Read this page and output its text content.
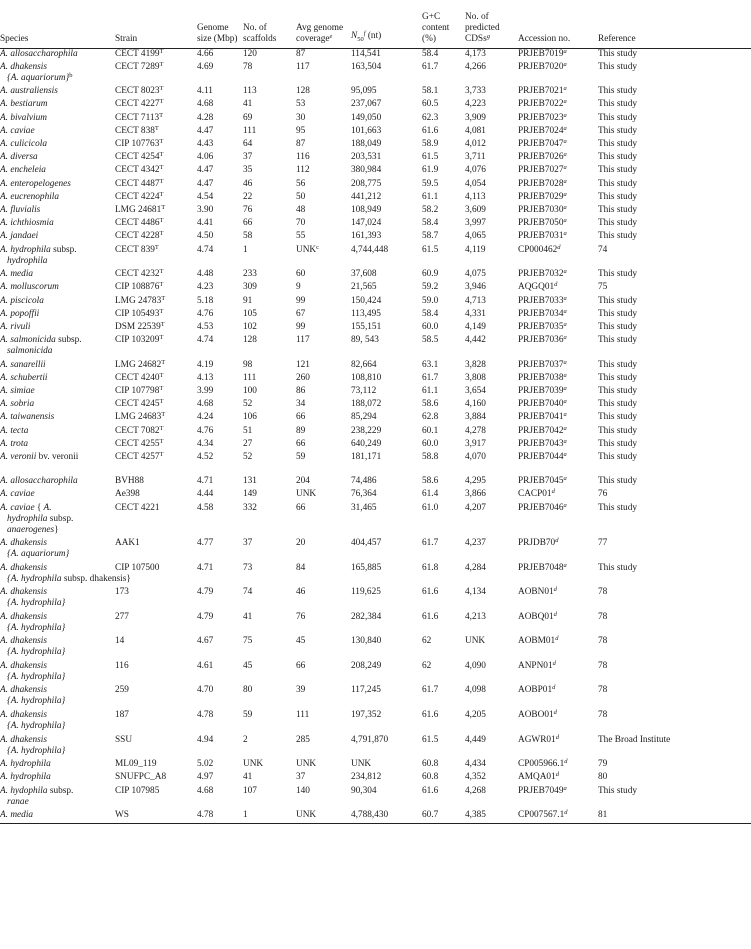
Species	Strain	Genome size (Mbp)	No. of scaffolds	Avg genome coverage$^e$	$N_{50}^f$ (nt)	G+C content (%)	No. of predicted CDSs$^g$	Accession no.	Reference
A. allosaccharophila	CECT $4199^T$	4.66	120	87	114,541	58.4	4,173	PRJEB7019$^a$	This study
A. dhakensis
{A. aquariorum}$^b$	CECT $7289^T$	4.69	78	117	163,504	61.7	4,266	PRJEB7020$^a$	This study
A. australiensis	CECT $8023^T$	4.11	113	128	95,095	58.1	3,733	PRJEB7021$^a$	This study
A. bestiarum	CECT $4227^T$	4.68	41	53	237,067	60.5	4,223	PRJEB7022$^a$	This study
A. bivalvium	CECT $7113^T$	4.28	69	30	149,050	62.3	3,909	PRJEB7023$^a$	This study
A. caviae	CECT $838^T$	4.47	111	95	101,663	61.6	4,081	PRJEB7024$^a$	This study
A. culicicola	CIP $107763^T$	4.43	64	87	188,049	58.9	4,012	PRJEB7047$^a$	This study
A. diversa	CECT $4254^T$	4.06	37	116	203,531	61.5	3,711	PRJEB7026$^a$	This study
A. encheleia	CECT $4342^T$	4.47	35	112	380,984	61.9	4,076	PRJEB7027$^a$	This study
A. enteropelogenes	CECT $4487^T$	4.47	46	56	208,775	59.5	4,054	PRJEB7028$^a$	This study
A. eucrenophila	CECT $4224^T$	4.54	22	50	441,212	61.1	4,113	PRJEB7029$^a$	This study
A. fluvialis	LMG $24681^T$	3.90	76	48	108,949	58.2	3,609	PRJEB7030$^a$	This study
A. ichthiosmia	CECT $4486^T$	4.41	66	70	147,024	58.4	3,997	PRJEB7050$^a$	This study
A. jandaei	CECT $4228^T$	4.50	58	55	161,393	58.7	4,065	PRJEB7031$^a$	This study
A. hydrophila subsp.
hydrophila	CECT $839^T$	4.74	1	UNK$^c$	4,744,448	61.5	4,119	CP000462$^d$	74
A. media	CECT $4232^T$	4.48	233	60	37,608	60.9	4,075	PRJEB7032$^a$	This study
A. molluscorum	CIP $108876^T$	4.23	309	9	21,565	59.2	3,946	AQGQ01$^d$	75
A. piscicola	LMG $24783^T$	5.18	91	99	150,424	59.0	4,713	PRJEB7033$^a$	This study
A. popoffii	CIP $105493^T$	4.76	105	67	113,495	58.4	4,331	PRJEB7034$^a$	This study
A. rivuli	DSM $22539^T$	4.53	102	99	155,151	60.0	4,149	PRJEB7035$^a$	This study
A. salmonicida subsp.
salmonicida	CIP $103209^T$	4.74	128	117	89, 543	58.5	4,442	PRJEB7036$^a$	This study
A. sanarellii	LMG $24682^T$	4.19	98	121	82,664	63.1	3,828	PRJEB7037$^a$	This study
A. schubertii	CECT $4240^T$	4.13	111	260	108,810	61.7	3,808	PRJEB7038$^a$	This study
A. simiae	CIP $107798^T$	3.99	100	86	73,112	61.1	3,654	PRJEB7039$^a$	This study
A. sobria	CECT $4245^T$	4.68	52	34	188,072	58.6	4,160	PRJEB7040$^a$	This study
A. taiwanensis	LMG $24683^T$	4.24	106	66	85,294	62.8	3,884	PRJEB7041$^a$	This study
A. tecta	CECT $7082^T$	4.76	51	89	238,229	60.1	4,278	PRJEB7042$^a$	This study
A. trota	CECT $4255^T$	4.34	27	66	640,249	60.0	3,917	PRJEB7043$^a$	This study
A. veronii bv. veronii	CECT $4257^T$	4.52	52	59	181,171	58.8	4,070	PRJEB7044$^a$	This study

A. allosaccharophila	BVH88	4.71	131	204	74,486	58.6	4,295	PRJEB7045$^a$	This study
A. caviae	Ae398	4.44	149	UNK	76,364	61.4	3,866	CACP01$^d$	76
A. caviae { A.
hydrophila subsp.
anaerogenes}	CECT 4221	4.58	332	66	31,465	61.0	4,207	PRJEB7046$^a$	This study
A. dhakensis
{A. aquariorum}	AAK1	4.77	37	20	404,457	61.7	4,237	PRJDB70$^d$	77
A. dhakensis
{A. hydrophila subsp. dhakensis}	CIP 107500	4.71	73	84	165,885	61.8	4,284	PRJEB7048$^a$	This study
A. dhakensis
{A. hydrophila}	173	4.79	74	46	119,625	61.6	4,134	AOBN01$^d$	78
A. dhakensis
{A. hydrophila}	277	4.79	41	76	282,384	61.6	4,213	AOBQ01$^d$	78
A. dhakensis
{A. hydrophila}	14	4.67	75	45	130,840	62	UNK	AOBM01$^d$	78
A. dhakensis
{A. hydrophila}	116	4.61	45	66	208,249	62	4,090	ANPN01$^d$	78
A. dhakensis
{A. hydrophila}	259	4.70	80	39	117,245	61.7	4,098	AOBP01$^d$	78
A. dhakensis
{A. hydrophila}	187	4.78	59	111	197,352	61.6	4,205	AOBO01$^d$	78
A. dhakensis
{A. hydrophila}	SSU	4.94	2	285	4,791,870	61.5	4,449	AGWR01$^d$	The Broad Institute
A. hydrophila	ML09_119	5.02	UNK	UNK	UNK	60.8	4,434	CP005966.1$^d$	79
A. hydrophila	SNUFPC_A8	4.97	41	37	234,812	60.8	4,352	AMQA01$^d$	80
A. hydophila subsp.
ranae	CIP 107985	4.68	107	140	90,304	61.6	4,268	PRJEB7049$^a$	This study
A. media	WS	4.78	1	UNK	4,788,430	60.7	4,385	CP007567.1$^d$	81
